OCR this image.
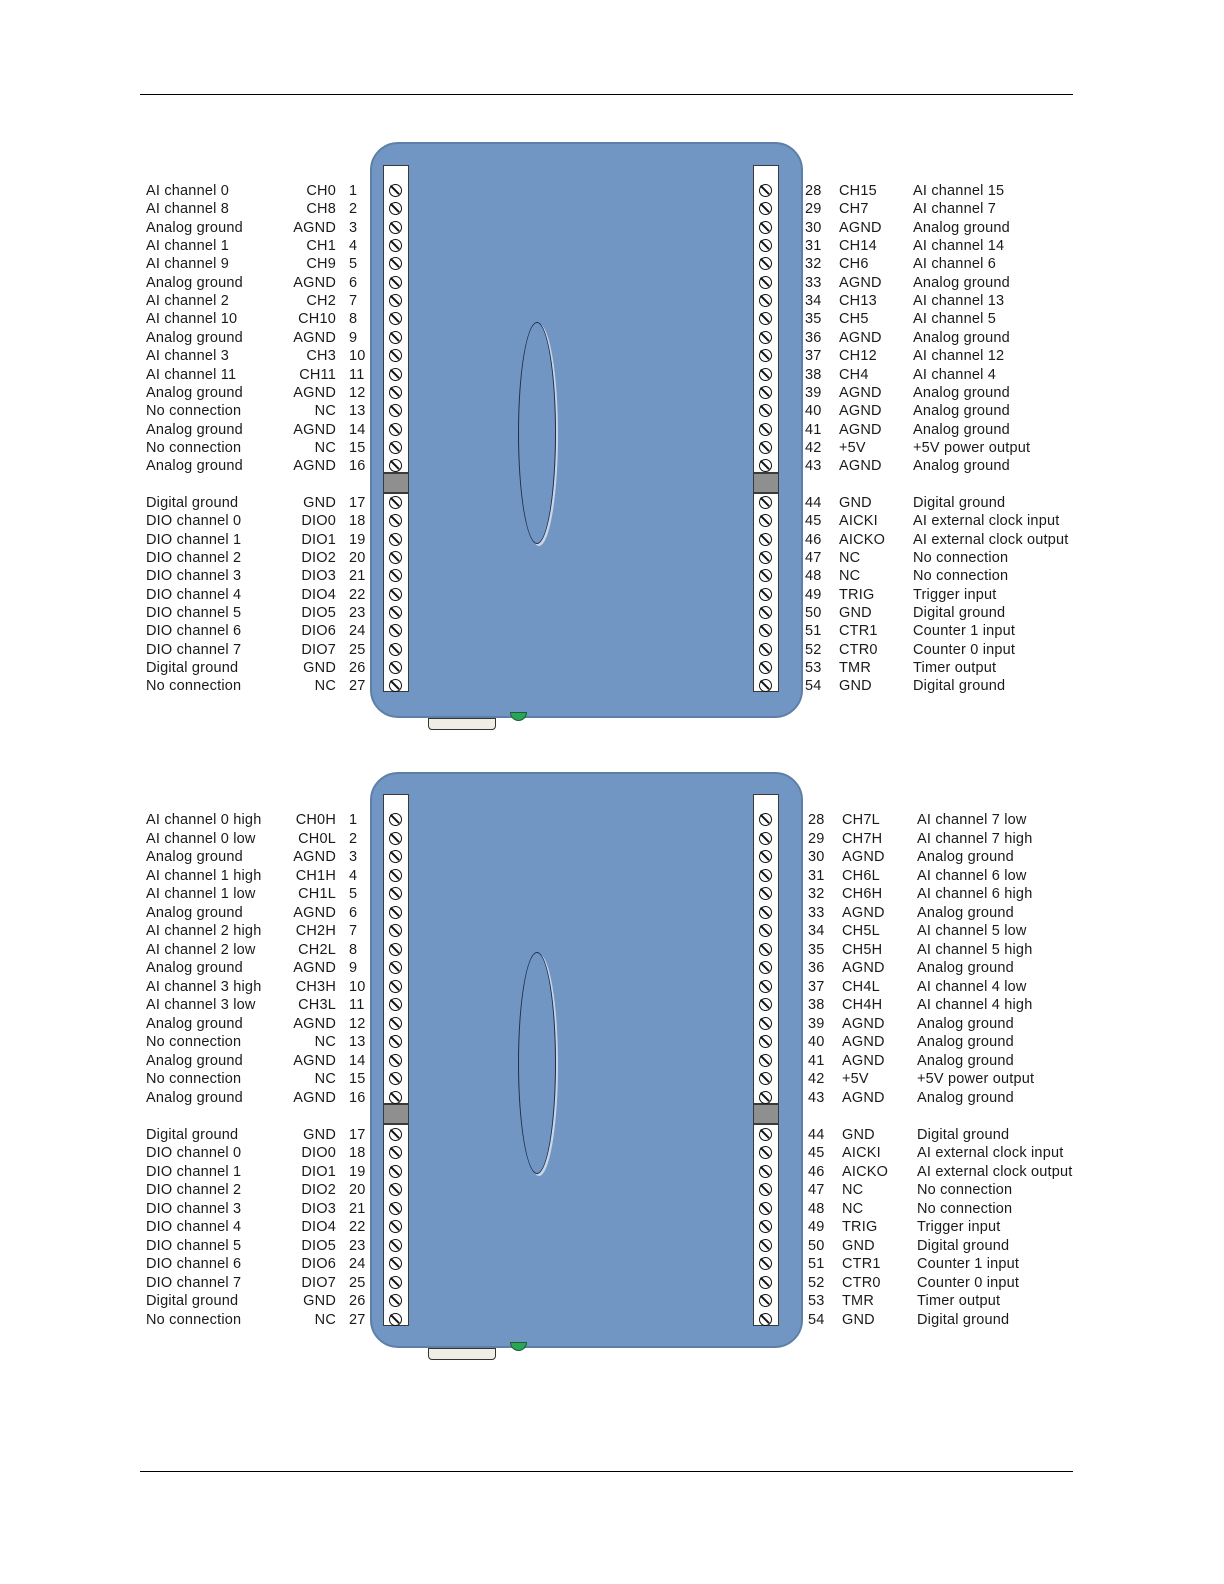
AI channel 0	CH0 1
AI channel 8	CH8 2
Analog ground	AGND 3
AI channel 1	CH1 4
AI channel 9	CH9 5
Analog ground	AGND 6
AI channel 2	CH2 7
AI channel 10	CH10 8
Analog ground	AGND 9
AI channel 3	CH3 10
AI channel 11	CH11 11
Analog ground	AGND 12
No connection	NC 13
Analog ground	AGND 14
No connection	NC 15
Analog ground	AGND 16
Digital ground	GND 17
DIO channel 0	DIO0 18
DIO channel 1	DIO1 19
DIO channel 2	DIO2 20
DIO channel 3	DIO3 21
DIO channel 4	DIO4 22
DIO channel 5	DIO5 23
DIO channel 6	DIO6 24
DIO channel 7	DIO7 25
Digital ground	GND 26
No connection	NC 27
28 CH15 AI channel 15
29 CH7	AI channel 7
30 AGND Analog ground
31 CH14 AI channel 14
32 CH6	AI channel 6
33 AGND Analog ground
34 CH13 AI channel 13
35 CH5	AI channel 5
36 AGND Analog ground
37 CH12 AI channel 12
38 CH4	AI channel 4
39 AGND Analog ground
40 AGND Analog ground
41 AGND Analog ground
42 +5V	+5V power output
43 AGND Analog ground
44 GND	Digital ground
45 AICKI AI external clock input
46 AICKO AI external clock output
47 NC	No connection
48 NC	No connection
49 TRIG	Trigger input
50 GND	Digital ground
51 CTR1 Counter 1 input
52 CTR0 Counter 0 input
53 TMR	Timer output
54 GND	Digital ground
AI channel 0 high CH0H 1
AI channel 0 low	CH0L 2
Analog ground	AGND 3
AI channel 1 high CH1H 4
AI channel 1 low	CH1L 5
Analog ground	AGND 6
AI channel 2 high CH2H 7
AI channel 2 low	CH2L 8
Analog ground	AGND 9
AI channel 3 high CH3H 10
AI channel 3 low	CH3L 11
Analog ground	AGND 12
No connection	NC 13
Analog ground	AGND 14
No connection	NC 15
Analog ground	AGND 16
Digital ground	GND 17
DIO channel 0	DIO0 18
DIO channel 1	DIO1 19
DIO channel 2	DIO2 20
DIO channel 3	DIO3 21
DIO channel 4	DIO4 22
DIO channel 5	DIO5 23
DIO channel 6	DIO6 24
DIO channel 7	DIO7 25
Digital ground	GND 26
No connection	NC 27
28 CH7L	AI channel 7 low
29 CH7H AI channel 7 high
30 AGND Analog ground
31 CH6L	AI channel 6 low
32 CH6H AI channel 6 high
33 AGND Analog ground
34 CH5L	AI channel 5 low
35 CH5H AI channel 5 high
36 AGND Analog ground
37 CH4L	AI channel 4 low
38 CH4H AI channel 4 high
39 AGND Analog ground
40 AGND Analog ground
41 AGND Analog ground
42 +5V	+5V power output
43 AGND Analog ground
44 GND	Digital ground
45 AICKI AI external clock input
46 AICKO AI external clock output
47 NC	No connection
48 NC	No connection
49 TRIG	Trigger input
50 GND	Digital ground
51 CTR1	Counter 1 input
52 CTR0	Counter 0 input
53 TMR	Timer output
54 GND	Digital ground
